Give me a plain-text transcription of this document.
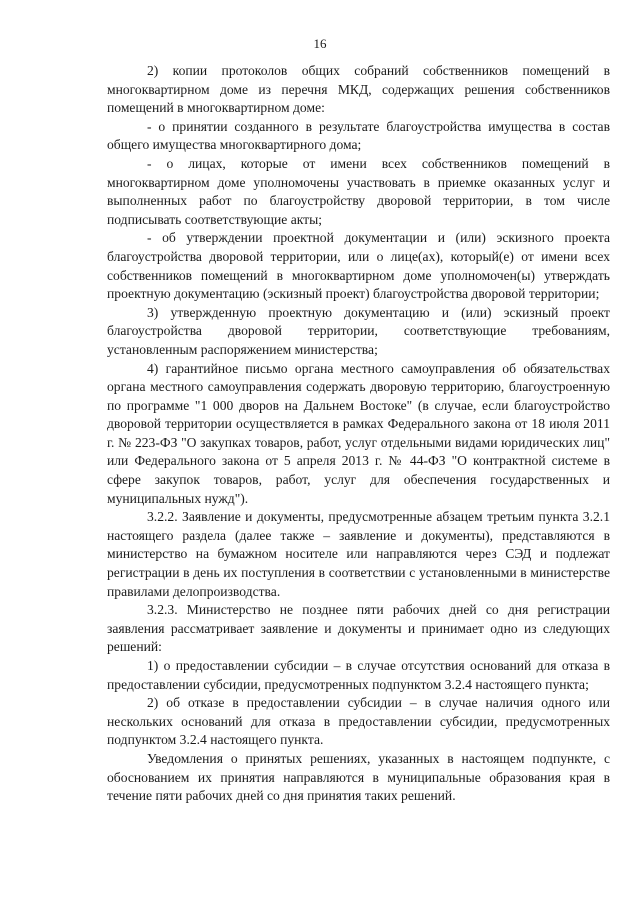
16

2) копии протоколов общих собраний собственников помещений в многоквартирном доме из перечня МКД, содержащих решения собственников помещений в многоквартирном доме:

- о принятии созданного в результате благоустройства имущества в состав общего имущества многоквартирного дома;

- о лицах, которые от имени всех собственников помещений в многоквартирном доме уполномочены участвовать в приемке оказанных услуг и выполненных работ по благоустройству дворовой территории, в том числе подписывать соответствующие акты;

- об утверждении проектной документации и (или) эскизного проекта благоустройства дворовой территории, или о лице(ах), который(е) от имени всех собственников помещений в многоквартирном доме уполномочен(ы) утверждать проектную документацию (эскизный проект) благоустройства дворовой территории;

3) утвержденную проектную документацию и (или) эскизный проект благоустройства дворовой территории, соответствующие требованиям, установленным распоряжением министерства;

4) гарантийное письмо органа местного самоуправления об обязательствах органа местного самоуправления содержать дворовую территорию, благоустроенную по программе "1 000 дворов на Дальнем Востоке" (в случае, если благоустройство дворовой территории осуществляется в рамках Федерального закона от 18 июля 2011 г. № 223-ФЗ "О закупках товаров, работ, услуг отдельными видами юридических лиц" или Федерального закона от 5 апреля 2013 г. № 44-ФЗ "О контрактной системе в сфере закупок товаров, работ, услуг для обеспечения государственных и муниципальных нужд").

3.2.2. Заявление и документы, предусмотренные абзацем третьим пункта 3.2.1 настоящего раздела (далее также – заявление и документы), представляются в министерство на бумажном носителе или направляются через СЭД и подлежат регистрации в день их поступления в соответствии с установленными в министерстве правилами делопроизводства.

3.2.3. Министерство не позднее пяти рабочих дней со дня регистрации заявления рассматривает заявление и документы и принимает одно из следующих решений:

1) о предоставлении субсидии – в случае отсутствия оснований для отказа в предоставлении субсидии, предусмотренных подпунктом 3.2.4 настоящего пункта;

2) об отказе в предоставлении субсидии – в случае наличия одного или нескольких оснований для отказа в предоставлении субсидии, предусмотренных подпунктом 3.2.4 настоящего пункта.

Уведомления о принятых решениях, указанных в настоящем подпункте, с обоснованием их принятия направляются в муниципальные образования края в течение пяти рабочих дней со дня принятия таких решений.
